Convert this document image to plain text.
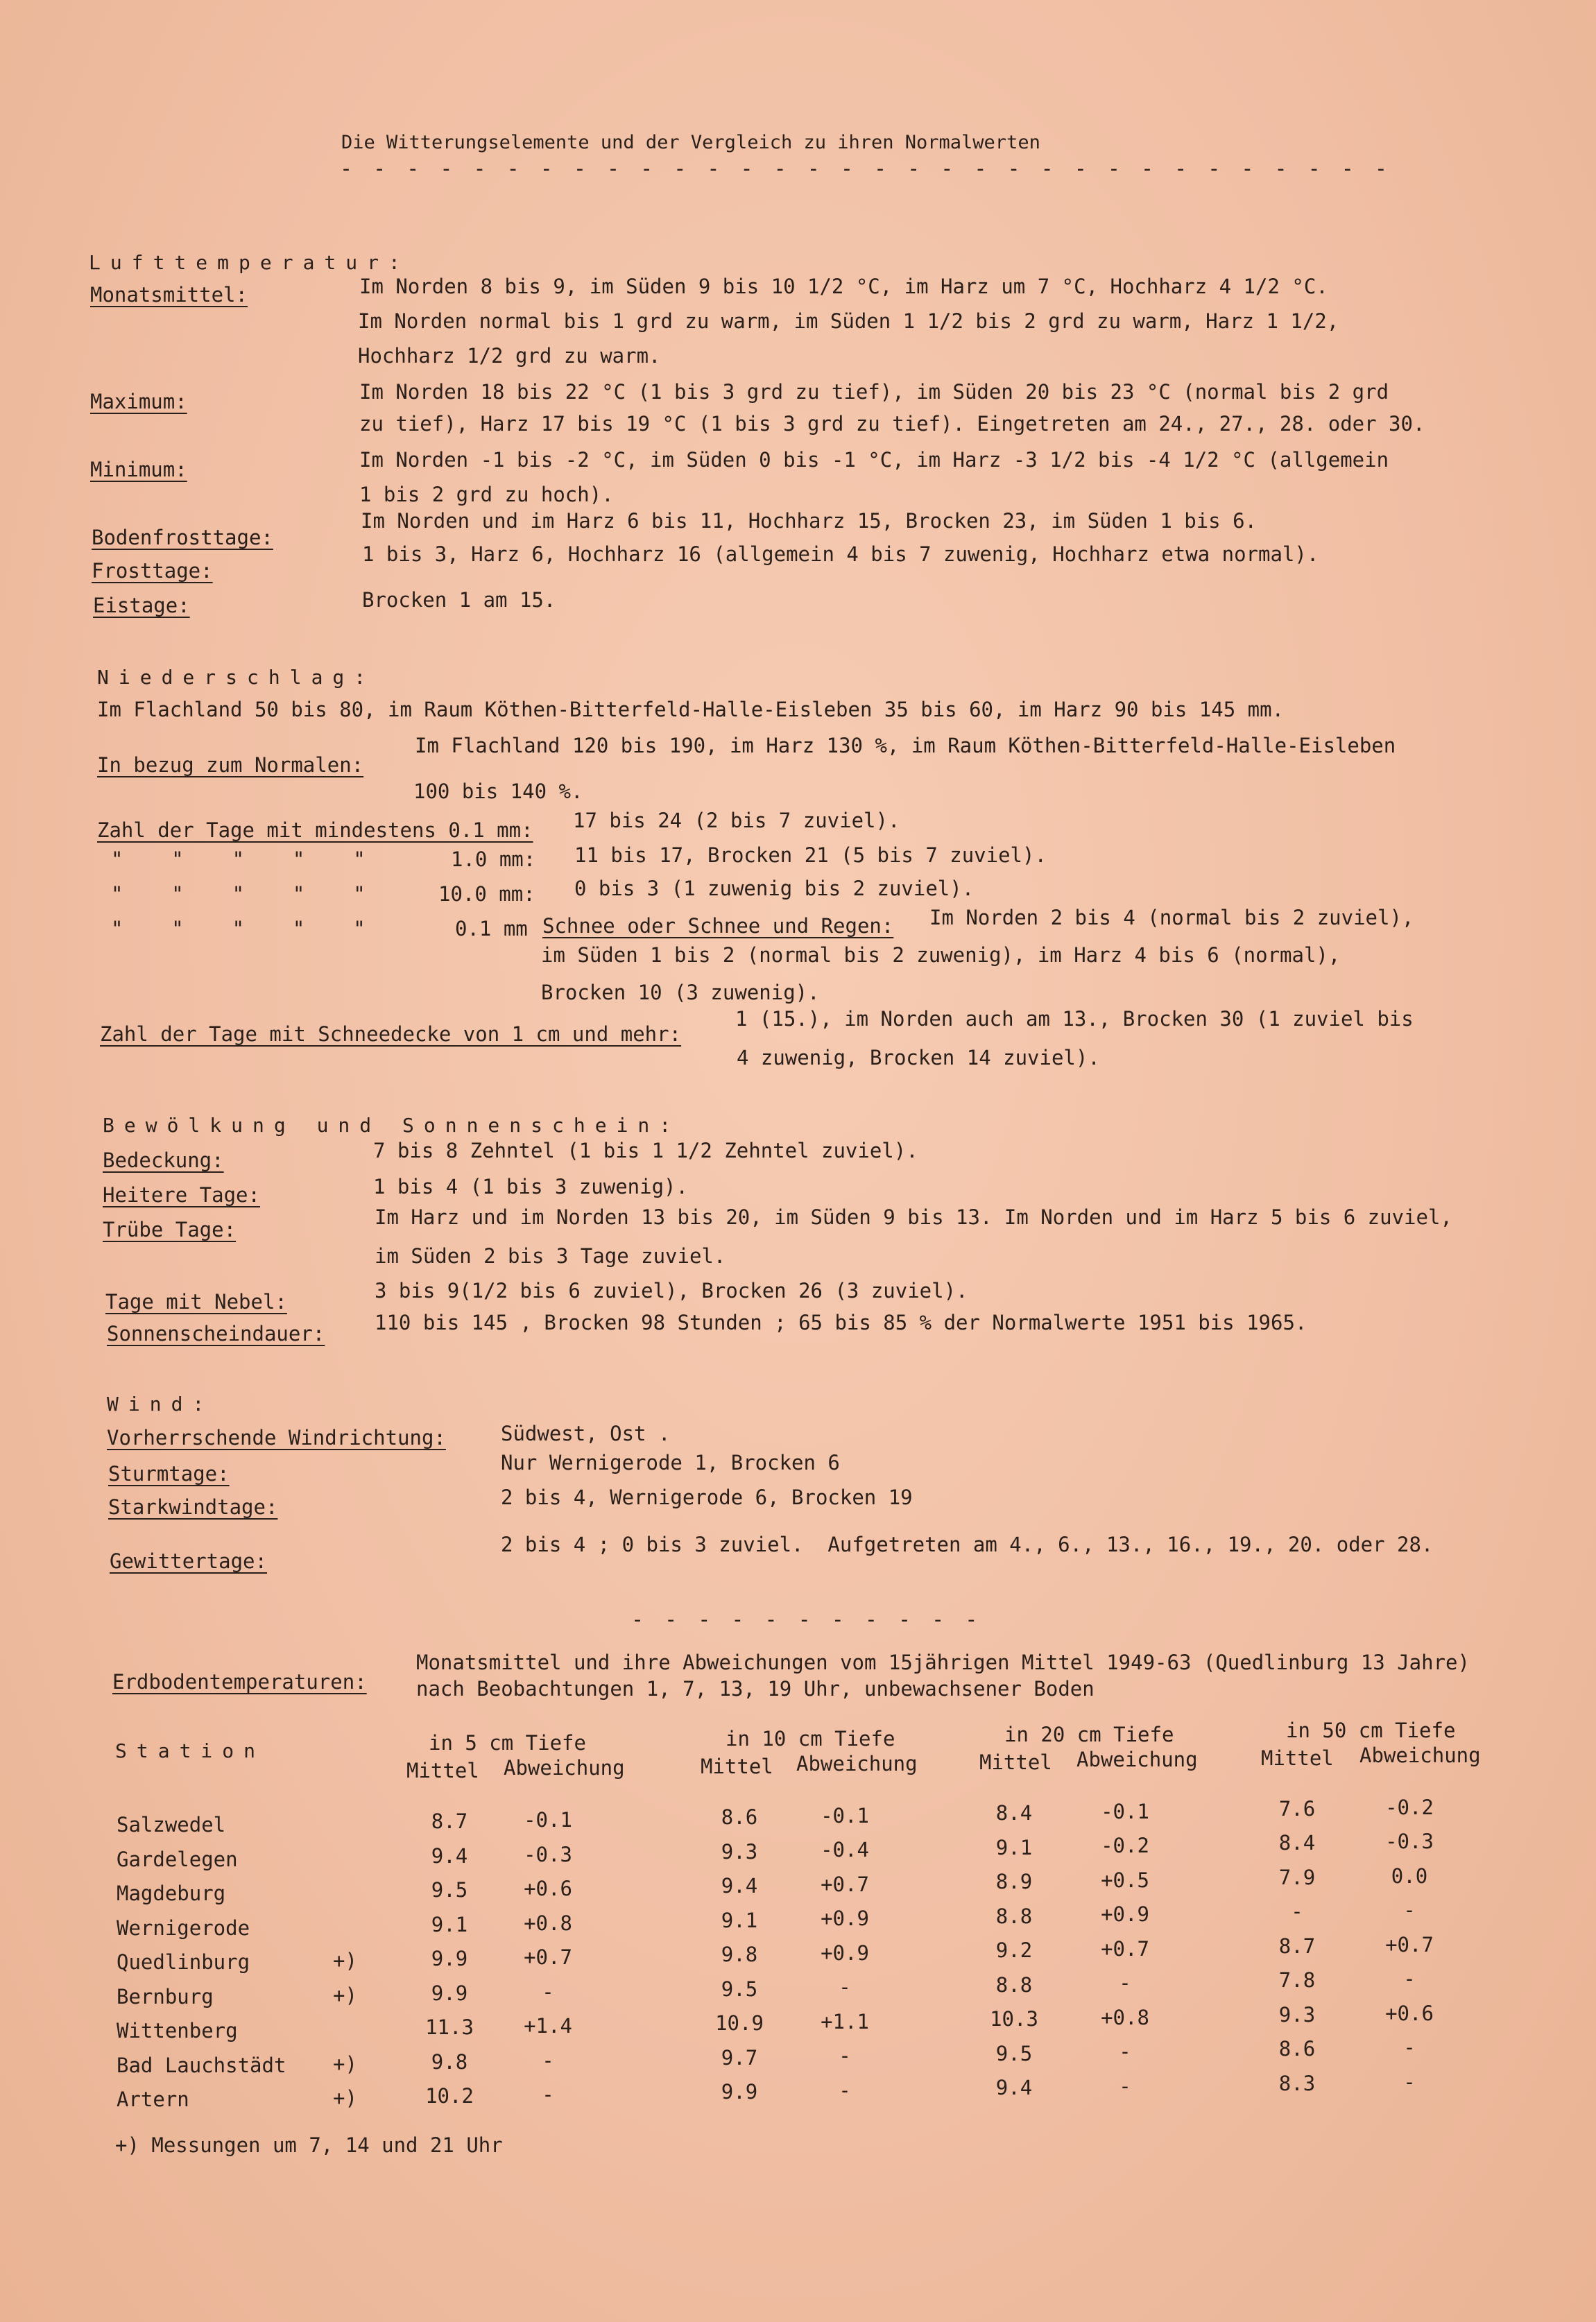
Die Witterungselemente und der Vergleich zu ihren Normalwerten
- - - - - - - - - - - - - - - - - - - - - - - - - - - - - - - -
Lufttemperatur:
Monatsmittel:	Im Norden 8 bis 9, im Süden 9 bis 10 1/2 °C, im Harz um 7 °C, Hochharz 4 1/2 °C.
Im Norden normal bis 1 grd zu warm, im Süden 1 1/2 bis 2 grd zu warm, Harz 1 1/2,
Hochharz 1/2 grd zu warm.
Maximum:	Im Norden 18 bis 22 °C (1 bis 3 grd zu tief), im Süden 20 bis 23 °C (normal bis 2 grd
zu tief), Harz 17 bis 19 °C (1 bis 3 grd zu tief). Eingetreten am 24., 27., 28. oder 30.
Minimum:	Im Norden -1 bis -2 °C, im Süden 0 bis -1 °C, im Harz -3 1/2 bis -4 1/2 °C (allgemein
1 bis 2 grd zu hoch).
Bodenfrosttage:
Im Norden und im Harz 6 bis 11, Hochharz 15, Brocken 23, im Süden 1 bis 6.
Frosttage:
1 bis 3, Harz 6, Hochharz 16 (allgemein 4 bis 7 zuwenig, Hochharz etwa normal).
Eistage:	Brocken 1 am 15.
Niederschlag:
Im Flachland 50 bis 80, im Raum Köthen-Bitterfeld-Halle-Eisleben 35 bis 60, im Harz 90 bis 145 mm.
In bezug zum Normalen:
Im Flachland 120 bis 190, im Harz 130 %, im Raum Köthen-Bitterfeld-Halle-Eisleben
100 bis 140 %.
Zahl der Tage mit mindestens 0.1 mm: 17 bis 24 (2 bis 7 zuviel).
"    "    "    "    "	1.0 mm: 11 bis 17, Brocken 21 (5 bis 7 zuviel).
"    "    "    "    "	10.0 mm: 0 bis 3 (1 zuwenig bis 2 zuviel).
"    "    "    "    "	0.1 mm Schnee oder Schnee und Regen: Im Norden 2 bis 4 (normal bis 2 zuviel),
im Süden 1 bis 2 (normal bis 2 zuwenig), im Harz 4 bis 6 (normal),
Brocken 10 (3 zuwenig).
Zahl der Tage mit Schneedecke von 1 cm und mehr:
1 (15.), im Norden auch am 13., Brocken 30 (1 zuviel bis
4 zuwenig, Brocken 14 zuviel).
Bewölkung und Sonnenschein:
Bedeckung:	7 bis 8 Zehntel (1 bis 1 1/2 Zehntel zuviel).
Heitere Tage:	1 bis 4 (1 bis 3 zuwenig).
Trübe Tage:
Im Harz und im Norden 13 bis 20, im Süden 9 bis 13. Im Norden und im Harz 5 bis 6 zuviel,
im Süden 2 bis 3 Tage zuviel.
Tage mit Nebel:	3 bis 9(1/2 bis 6 zuviel), Brocken 26 (3 zuviel).
Sonnenscheindauer: 110 bis 145 , Brocken 98 Stunden ; 65 bis 85 % der Normalwerte 1951 bis 1965.
Wind:
Vorherrschende Windrichtung:	Südwest, Ost .
Sturmtage:	Nur Wernigerode 1, Brocken 6
Starkwindtage:	2 bis 4, Wernigerode 6, Brocken 19
Gewittertage:
2 bis 4 ; 0 bis 3 zuviel.  Aufgetreten am 4., 6., 13., 16., 19., 20. oder 28.
- - - - - - - - - - -
Erdbodentemperaturen:
Monatsmittel und ihre Abweichungen vom 15jährigen Mittel 1949-63 (Quedlinburg 13 Jahre)
nach Beobachtungen 1, 7, 13, 19 Uhr, unbewachsener Boden
Station	in 5 cm Tiefe	in 10 cm Tiefe	in 20 cm Tiefe	in 50 cm Tiefe
Mittel Abweichung	Mittel Abweichung	Mittel Abweichung	Mittel Abweichung
Salzwedel	8.7	-0.1	8.6	-0.1	8.4	-0.1	7.6	-0.2
Gardelegen	9.4	-0.3	9.3	-0.4	9.1	-0.2	8.4	-0.3
Magdeburg	9.5	+0.6	9.4	+0.7	8.9	+0.5	7.9	0.0
Wernigerode	9.1	+0.8	9.1	+0.9	8.8	+0.9	-	-
Quedlinburg	+)	9.9	+0.7	9.8	+0.9	9.2	+0.7	8.7	+0.7
Bernburg	+)	9.9	-	9.5	-	8.8	-	7.8	-
Wittenberg	11.3	+1.4	10.9	+1.1	10.3	+0.8	9.3	+0.6
Bad Lauchstädt +)	9.8	-	9.7	-	9.5	-	8.6	-
Artern	+)	10.2	-	9.9	-	9.4	-	8.3	-
+) Messungen um 7, 14 und 21 Uhr
